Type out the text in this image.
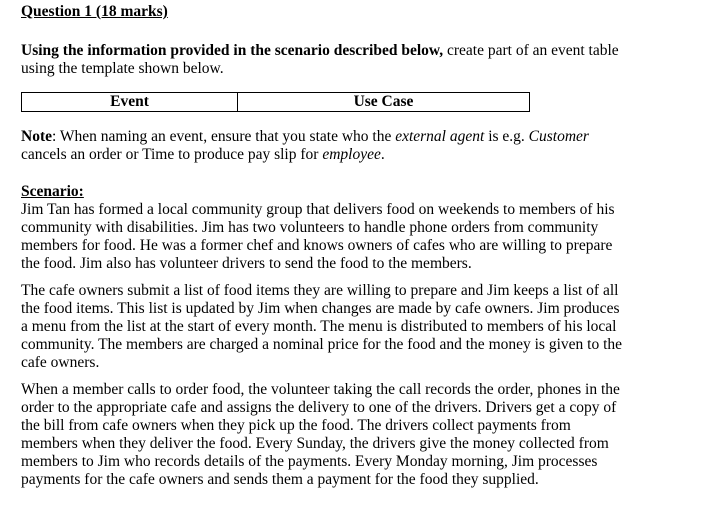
Question 1 (18 marks)

Using the information provided in the scenario described below, create part of an event table using the template shown below.

Event	Use Case

Note: When naming an event, ensure that you state who the external agent is e.g. Customer cancels an order or Time to produce pay slip for employee.

Scenario:

Jim Tan has formed a local community group that delivers food on weekends to members of his community with disabilities. Jim has two volunteers to handle phone orders from community members for food. He was a former chef and knows owners of cafes who are willing to prepare the food. Jim also has volunteer drivers to send the food to the members.

The cafe owners submit a list of food items they are willing to prepare and Jim keeps a list of all the food items. This list is updated by Jim when changes are made by cafe owners. Jim produces a menu from the list at the start of every month. The menu is distributed to members of his local community. The members are charged a nominal price for the food and the money is given to the cafe owners.

When a member calls to order food, the volunteer taking the call records the order, phones in the order to the appropriate cafe and assigns the delivery to one of the drivers. Drivers get a copy of the bill from cafe owners when they pick up the food. The drivers collect payments from members when they deliver the food. Every Sunday, the drivers give the money collected from members to Jim who records details of the payments. Every Monday morning, Jim processes payments for the cafe owners and sends them a payment for the food they supplied.
